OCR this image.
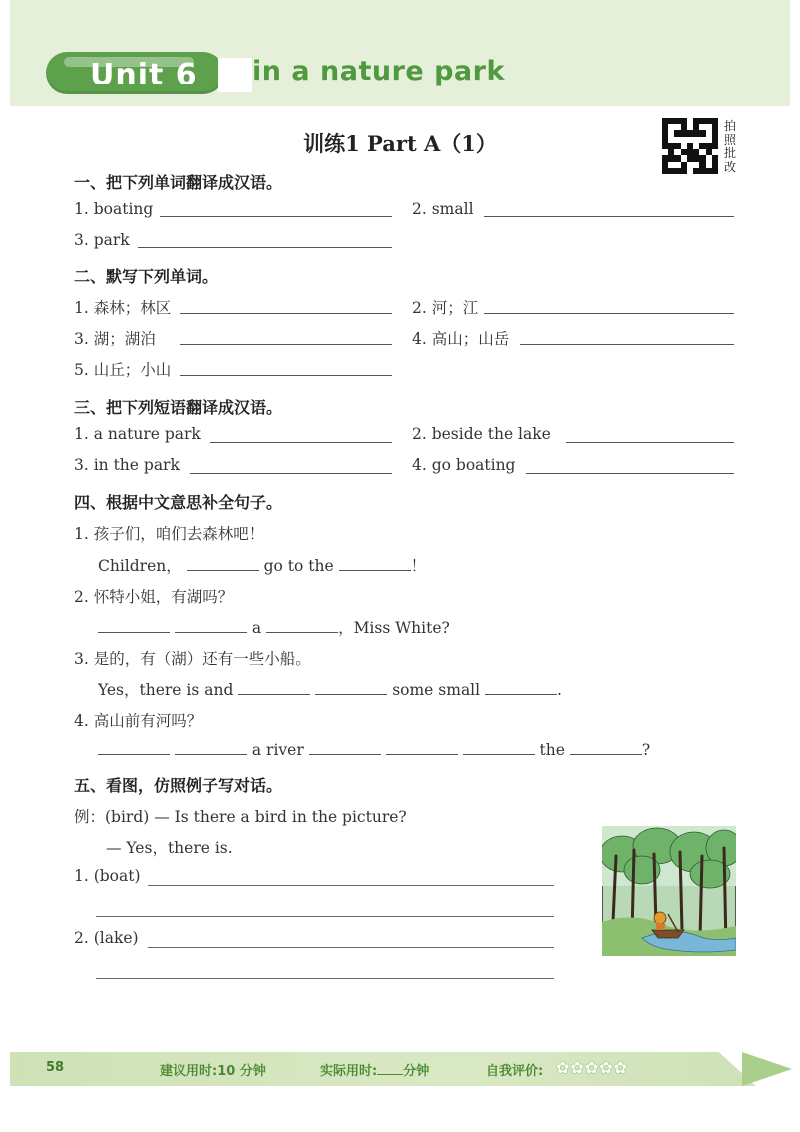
Unit 6 in a nature park
训练1 Part A（1）
拍照批改
一、把下列单词翻译成汉语。
1. boating	2. small
3. park
二、默写下列单词。
1. 森林；林区	2. 河；江
3. 湖；湖泊	4. 高山；山岳
5. 山丘；小山
三、把下列短语翻译成汉语。
1. a nature park	2. beside the lake
3. in the park	4. go boating
四、根据中文意思补全句子。
1. 孩子们，咱们去森林吧！
Children，	go to the	！
2. 怀特小姐，有湖吗？
a	，Miss White?
3. 是的，有（湖）还有一些小船。
Yes，there is and	some small	.
4. 高山前有河吗？
a river	the	?
五、看图，仿照例子写对话。
例：(bird) — Is there a bird in the picture?
— Yes，there is.
1. (boat)
2. (lake)
58	建议用时:10 分钟	实际用时: 分钟	自我评价: ✿✿✿✿✿
